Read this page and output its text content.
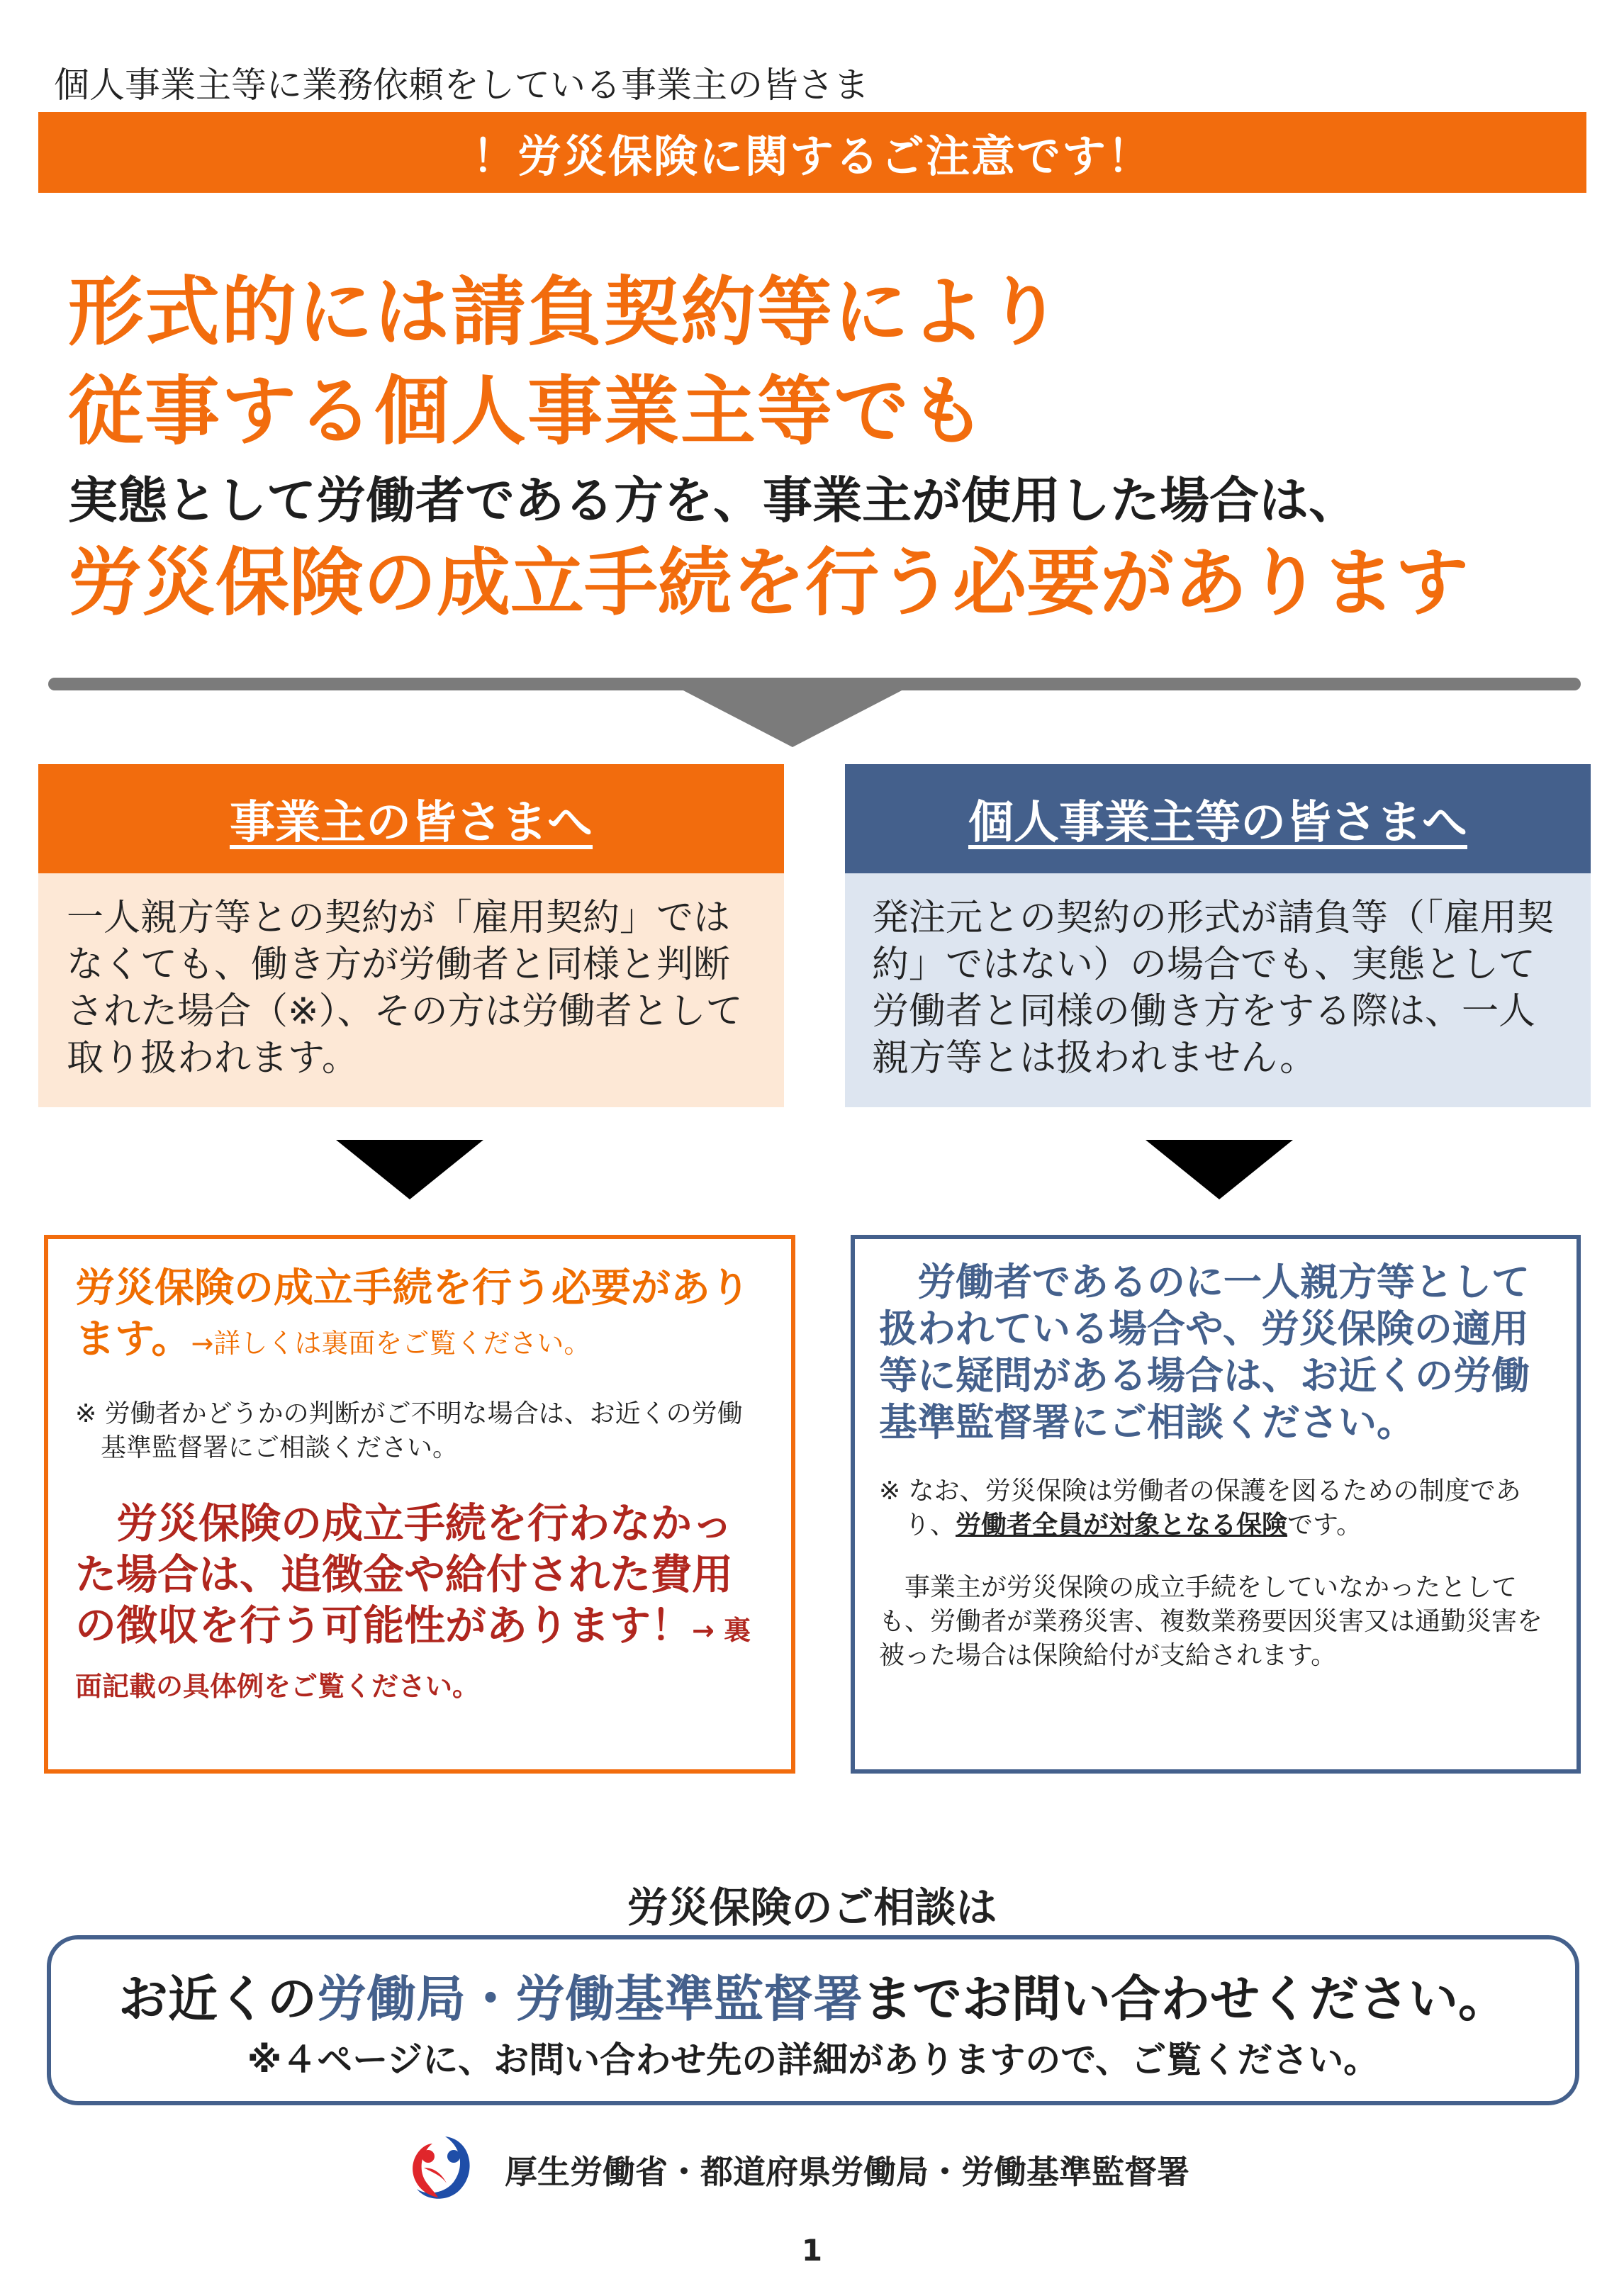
個人事業主等に業務依頼をしている事業主の皆さま
！労災保険に関するご注意です！
形式的には請負契約等により
従事する個人事業主等でも
実態として労働者である方を、事業主が使用した場合は、
労災保険の成立手続を行う必要があります
事業主の皆さまへ

一人親方等との契約が「雇用契約」ではなくても、働き方が労働者と同様と判断された場合（※）、その方は労働者として取り扱われます。

労災保険の成立手続を行う必要があります。→詳しくは裏面をご覧ください。

※ 労働者かどうかの判断がご不明な場合は、お近くの労働基準監督署にご相談ください。

労災保険の成立手続を行わなかった場合は、追徴金や給付された費用の徴収を行う可能性があります！→ 裏面記載の具体例をご覧ください。

個人事業主等の皆さまへ

発注元との契約の形式が請負等（「雇用契約」ではない）の場合でも、実態として労働者と同様の働き方をする際は、一人親方等とは扱われません。

労働者であるのに一人親方等として扱われている場合や、労災保険の適用等に疑問がある場合は、お近くの労働基準監督署にご相談ください。

※ なお、労災保険は労働者の保護を図るための制度であり、労働者全員が対象となる保険です。

事業主が労災保険の成立手続をしていなかったとしても、労働者が業務災害、複数業務要因災害又は通勤災害を被った場合は保険給付が支給されます。

労災保険のご相談は
お近くの労働局・労働基準監督署までお問い合わせください。
※４ページに、お問い合わせ先の詳細がありますので、ご覧ください。
厚生労働省・都道府県労働局・労働基準監督署
1
